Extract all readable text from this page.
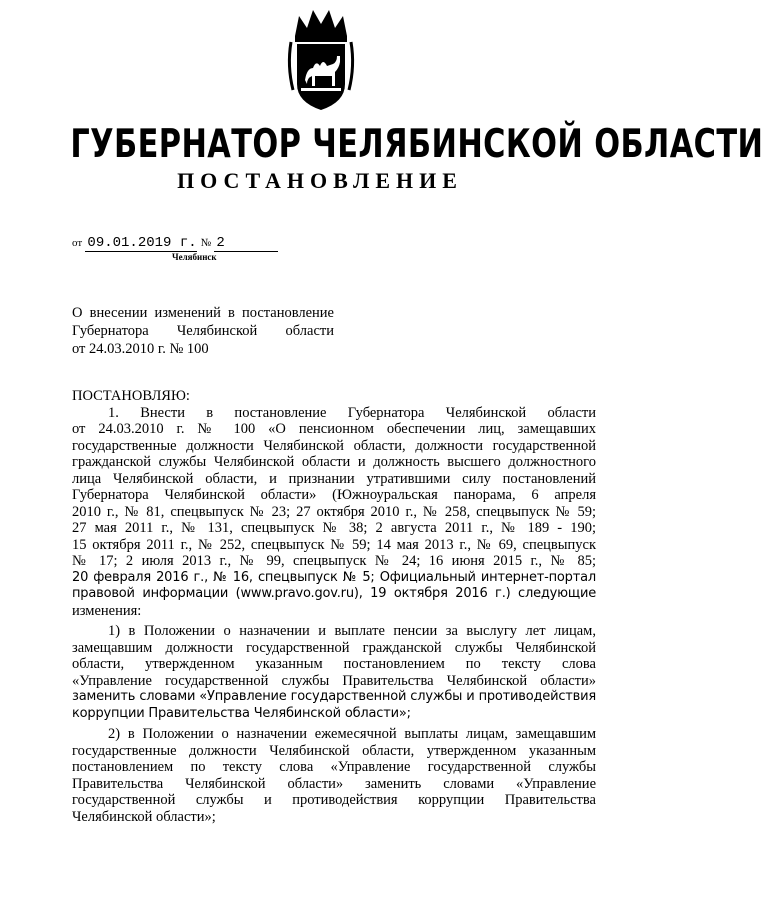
ГУБЕРНАТОР ЧЕЛЯБИНСКОЙ ОБЛАСТИ
ПОСТАНОВЛЕНИЕ
от 09.01.2019 г. № 2
Челябинск
О внесении изменений в постановление
Губернатора Челябинской области
от 24.03.2010 г. № 100
ПОСТАНОВЛЯЮ:
1. Внести в постановление Губернатора Челябинской области
от 24.03.2010 г. № 100 «О пенсионном обеспечении лиц, замещавших
государственные должности Челябинской области, должности государственной
гражданской службы Челябинской области и должность высшего должностного
лица Челябинской области, и признании утратившими силу постановлений
Губернатора Челябинской области» (Южноуральская панорама, 6 апреля
2010 г., № 81, спецвыпуск № 23; 27 октября 2010 г., № 258, спецвыпуск № 59;
27 мая 2011 г., № 131, спецвыпуск № 38; 2 августа 2011 г., № 189 - 190;
15 октября 2011 г., № 252, спецвыпуск № 59; 14 мая 2013 г., № 69, спецвыпуск
№ 17; 2 июля 2013 г., № 99, спецвыпуск № 24; 16 июня 2015 г., № 85;
20 февраля 2016 г., № 16, спецвыпуск № 5; Официальный интернет-портал
правовой информации (www.pravo.gov.ru), 19 октября 2016 г.) следующие
изменения:
1) в Положении о назначении и выплате пенсии за выслугу лет лицам,
замещавшим должности государственной гражданской службы Челябинской
области, утвержденном указанным постановлением по тексту слова
«Управление государственной службы Правительства Челябинской области»
заменить словами «Управление государственной службы и противодействия
коррупции Правительства Челябинской области»;
2) в Положении о назначении ежемесячной выплаты лицам, замещавшим
государственные должности Челябинской области, утвержденном указанным
постановлением по тексту слова «Управление государственной службы
Правительства Челябинской области» заменить словами «Управление
государственной службы и противодействия коррупции Правительства
Челябинской области»;
